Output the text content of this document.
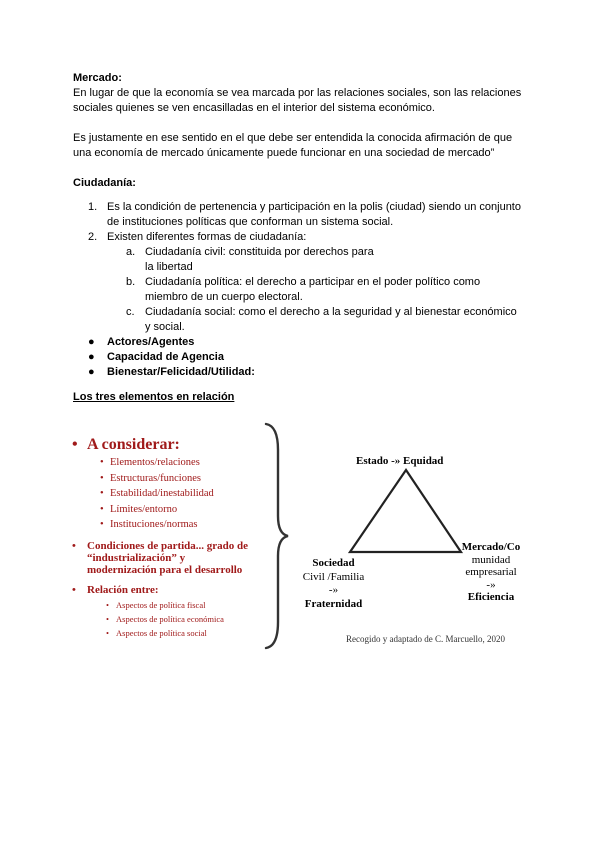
Mercado:
En lugar de que la economía se vea marcada por las relaciones sociales, son las relaciones
sociales quienes se ven encasilladas en el interior del sistema económico.
Es justamente en ese sentido en el que debe ser entendida la conocida afirmación de que
una economía de mercado únicamente puede funcionar en una sociedad de mercado”
Ciudadanía:
1. Es la condición de pertenencia y participación en la polis (ciudad) siendo un conjunto
de instituciones políticas que conforman un sistema social.
2. Existen diferentes formas de ciudadanía:
a. Ciudadanía civil: constituida por derechos para
la libertad
b. Ciudadanía política: el derecho a participar en el poder político como
miembro de un cuerpo electoral.
c. Ciudadanía social: como el derecho a la seguridad y al bienestar económico
y social.
● Actores/Agentes
● Capacidad de Agencia
● Bienestar/Felicidad/Utilidad:
Los tres elementos en relación
• A considerar:
• Elementos/relaciones
• Estructuras/funciones
• Estabilidad/inestabilidad
• Límites/entorno
• Instituciones/normas
• Condiciones de partida... grado de
“industrialización” y
modernización para el desarrollo
• Relación entre:
• Aspectos de política fiscal
• Aspectos de política económica
• Aspectos de política social
Estado -» Equidad
Sociedad
Civil /Familia
-»
Fraternidad
Mercado/Co
munidad
empresarial
-»
Eficiencia
Recogido y adaptado de C. Marcuello, 2020
